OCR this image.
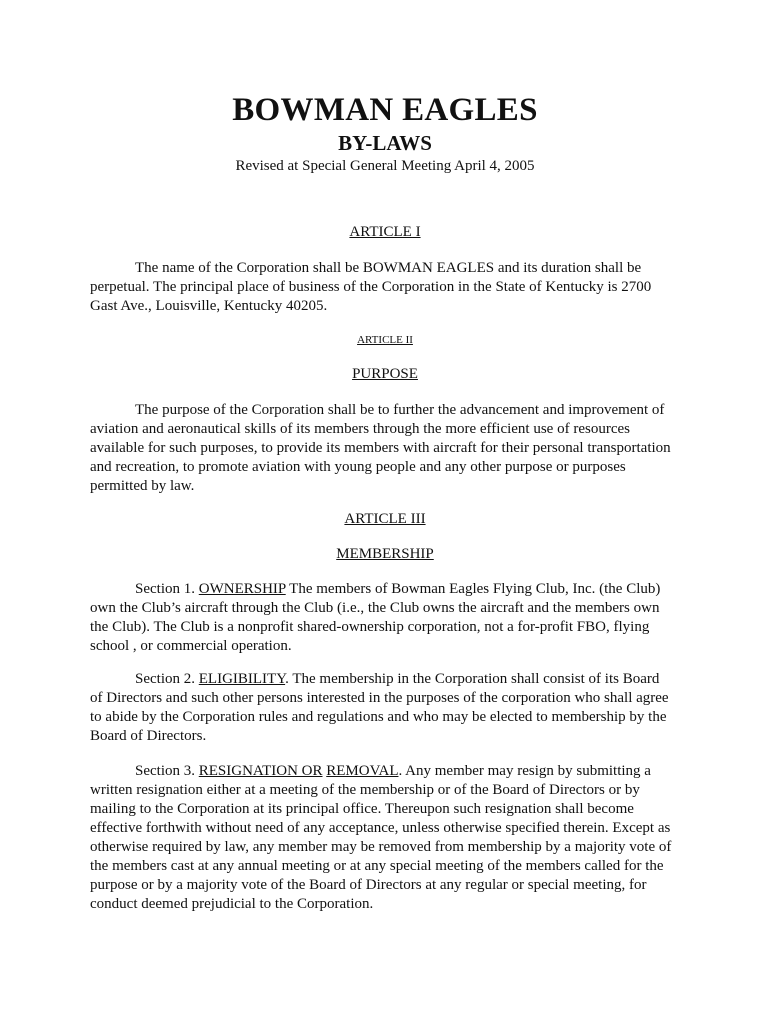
BOWMAN EAGLES
BY-LAWS
Revised at Special General Meeting April 4, 2005
ARTICLE I
The name of the Corporation shall be BOWMAN EAGLES and its duration shall be
perpetual. The principal place of business of the Corporation in the State of Kentucky is 2700
Gast Ave., Louisville, Kentucky 40205.
ARTICLE II
PURPOSE
The purpose of the Corporation shall be to further the advancement and improvement of
aviation and aeronautical skills of its members through the more efficient use of resources
available for such purposes, to provide its members with aircraft for their personal transportation
and recreation, to promote aviation with young people and any other purpose or purposes
permitted by law.
ARTICLE III
MEMBERSHIP
Section 1. OWNERSHIP The members of Bowman Eagles Flying Club, Inc. (the Club)
own the Club’s aircraft through the Club (i.e., the Club owns the aircraft and the members own
the Club). The Club is a nonprofit shared-ownership corporation, not a for-profit FBO, flying
school , or commercial operation.
Section 2. ELIGIBILITY. The membership in the Corporation shall consist of its Board
of Directors and such other persons interested in the purposes of the corporation who shall agree
to abide by the Corporation rules and regulations and who may be elected to membership by the
Board of Directors.
Section 3. RESIGNATION OR REMOVAL. Any member may resign by submitting a
written resignation either at a meeting of the membership or of the Board of Directors or by
mailing to the Corporation at its principal office. Thereupon such resignation shall become
effective forthwith without need of any acceptance, unless otherwise specified therein. Except as
otherwise required by law, any member may be removed from membership by a majority vote of
the members cast at any annual meeting or at any special meeting of the members called for the
purpose or by a majority vote of the Board of Directors at any regular or special meeting, for
conduct deemed prejudicial to the Corporation.
